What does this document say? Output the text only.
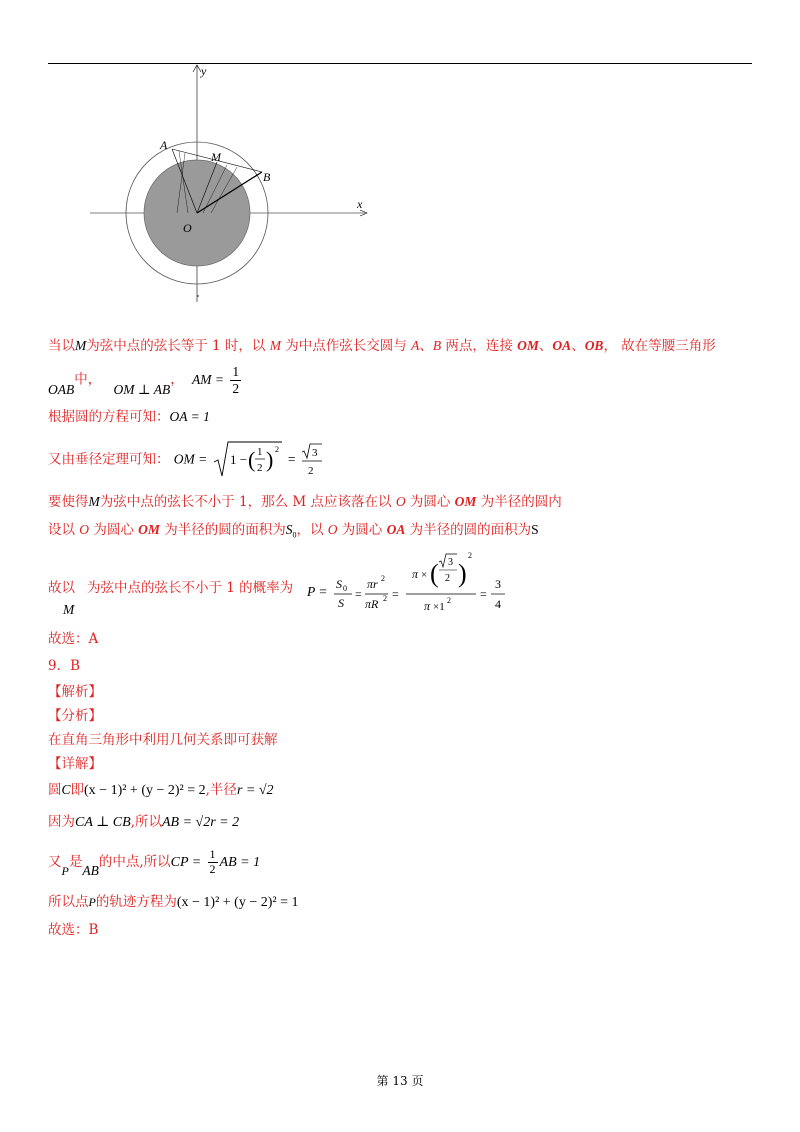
y
x
A
M
B
O
当以M为弦中点的弦长等于 1 时，以 M 为中点作弦长交圆与 A、B 两点，连接 OM、OA、OB， 故在等腰三角形
OAB中， OM ⊥ AB， AM = $\frac{1}{2}$
根据圆的方程可知：OA = 1
又由垂径定理可知： OM = 1 − ( 1
2 ) 2
= 3
2
要使得M为弦中点的弦长不小于 1，那么 M 点应该落在以 O 为圆心 OM 为半径的圆内
设以 O 为圆心 OM 为半径的圆的面积为$S_0$，以 O 为圆心 OA 为半径的圆的面积为S
故以M为弦中点的弦长不小于 1 的概率为 P = S 0
S
=
πr 2
πR 2 =
π × ( 3
2 )
2
π ×1
2 =
3
4
故选：A
9．B
【解析】
【分析】
在直角三角形中利用几何关系即可获解
【详解】
圆C即(x − 1)² + (y − 2)² = 2,半径r = √2
因为CA ⊥ CB,所以AB = √2r = 2
又P是AB的中点,所以CP = $\frac{1}{2}$ AB = 1
所以点P的轨迹方程为(x − 1)² + (y − 2)² = 1
故选：B
第 13 页
